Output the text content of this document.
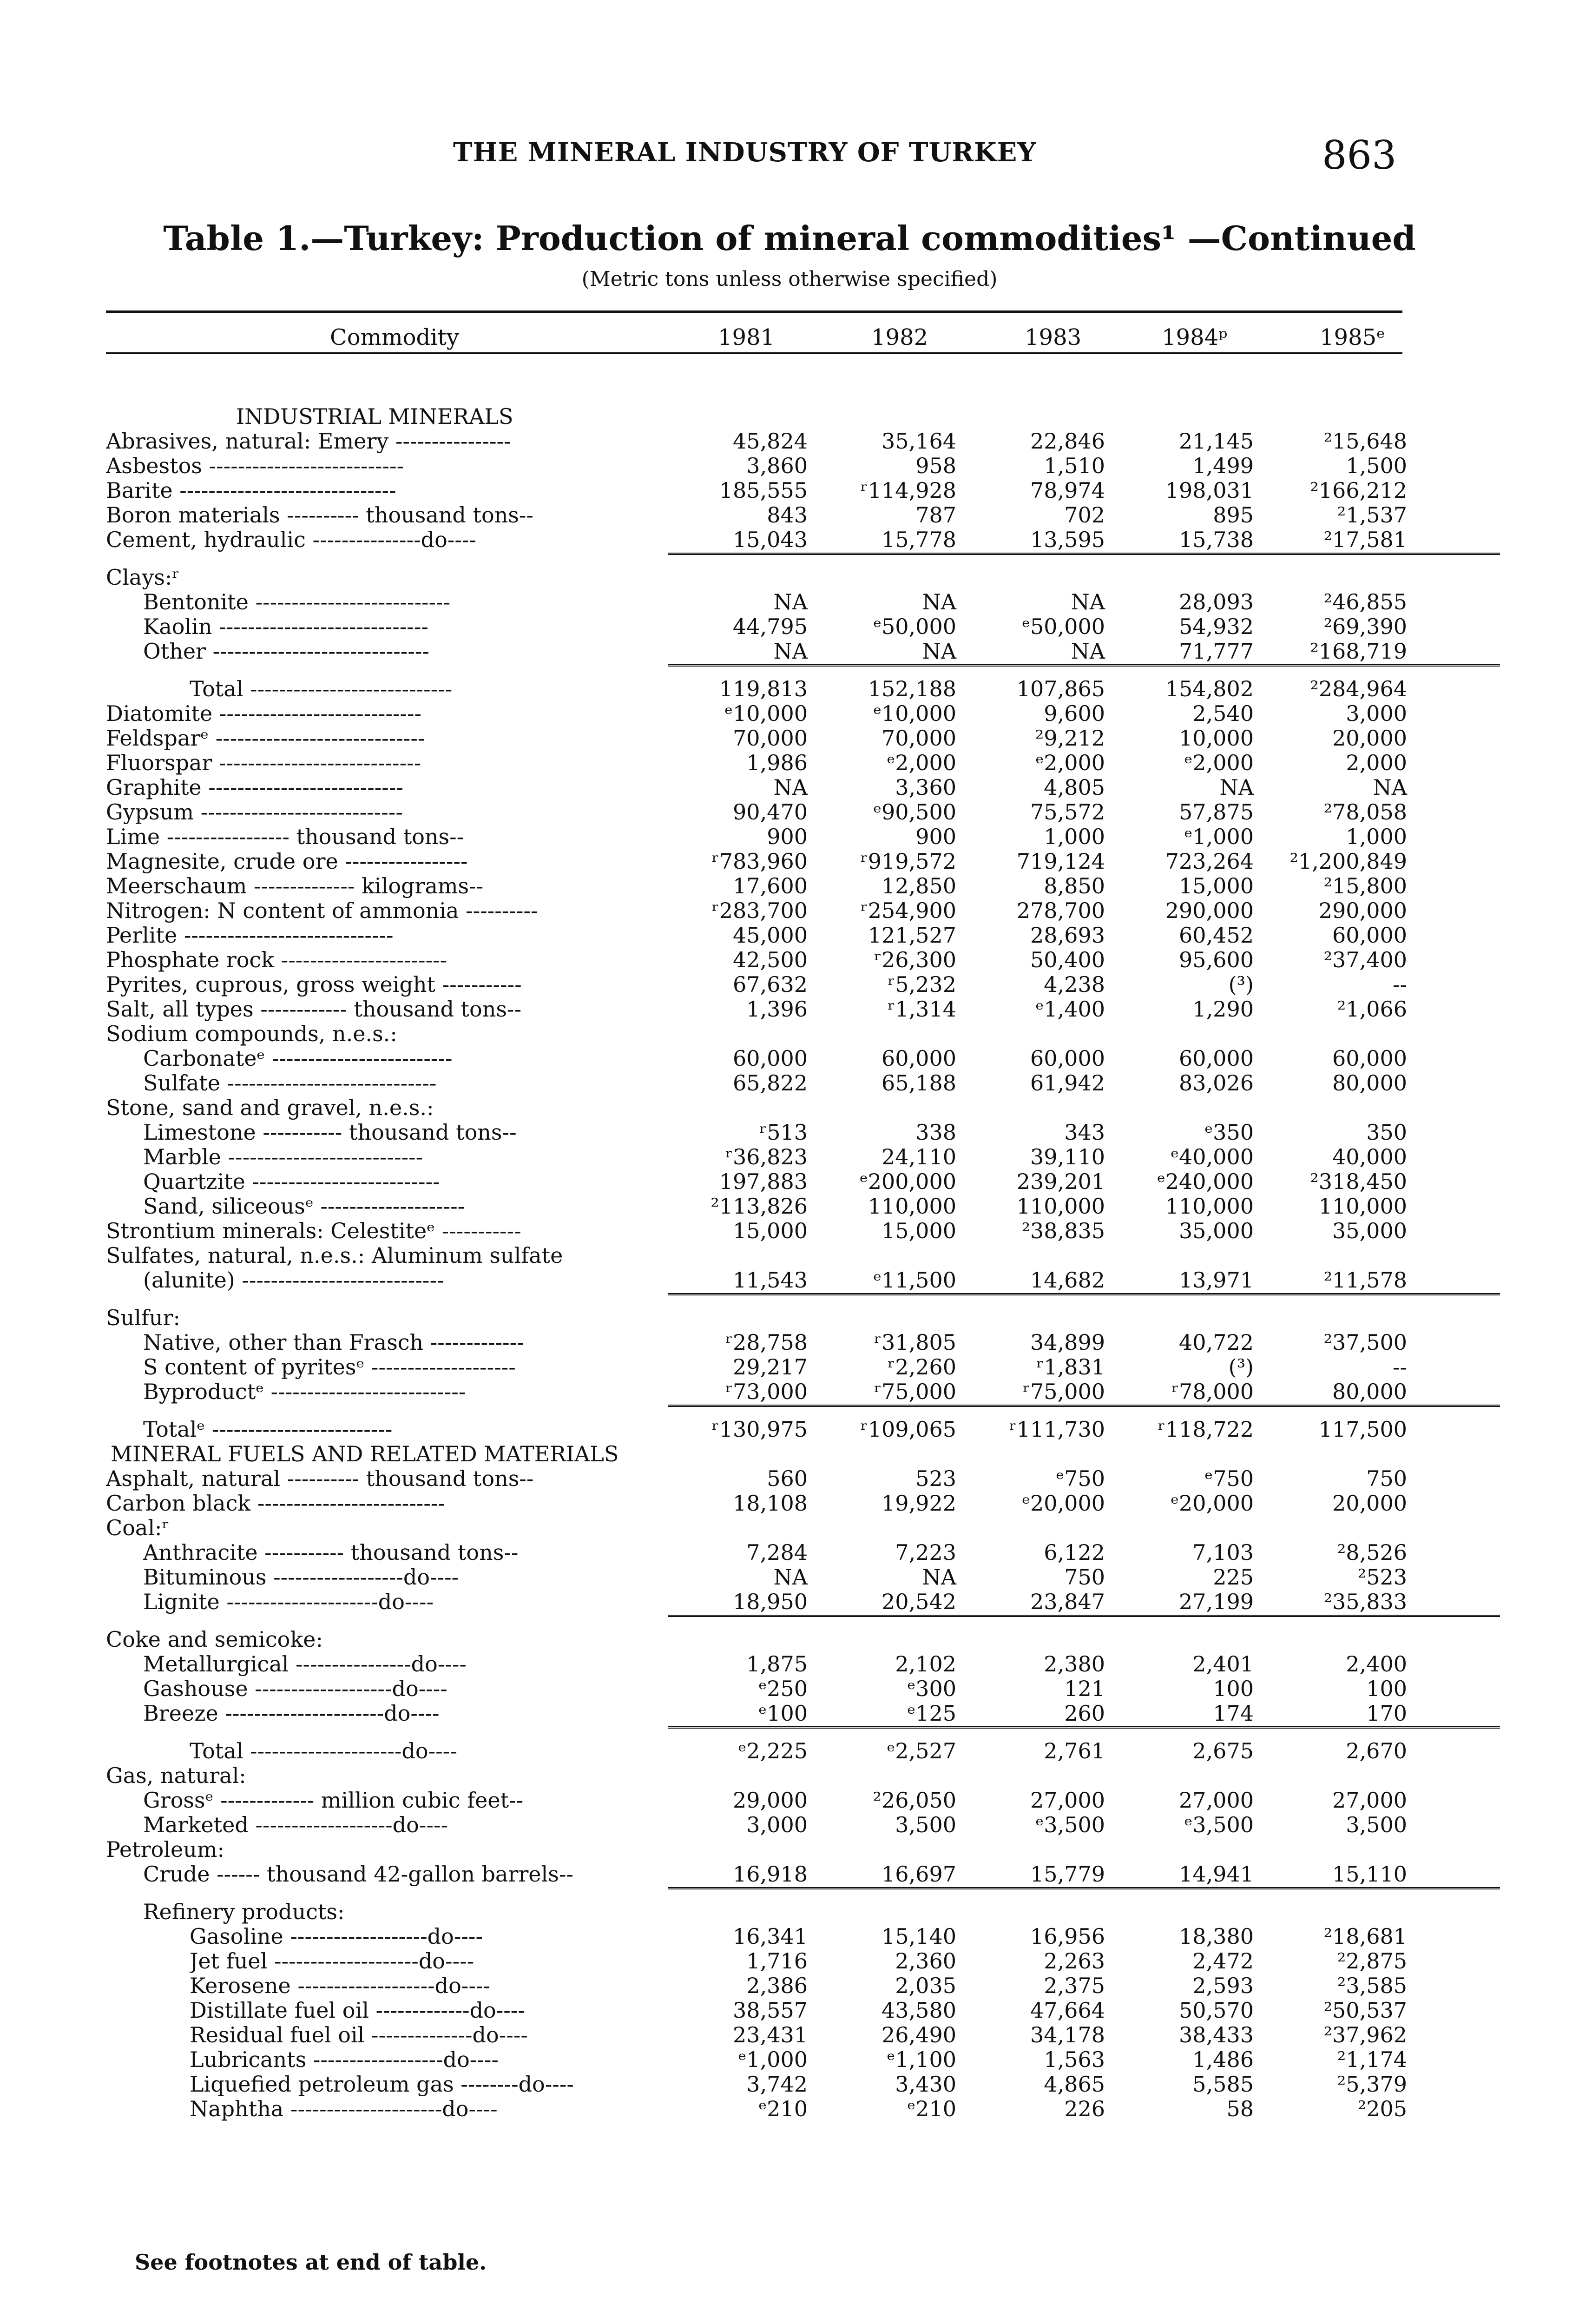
THE MINERAL INDUSTRY OF TURKEY	863
Table 1.—Turkey: Production of mineral commodities¹ —Continued
(Metric tons unless otherwise specified)
Commodity	1981	1982	1983	1984ᵖ	1985ᵉ
INDUSTRIAL MINERALS
Abrasives, natural: Emery ----------------	45,824	35,164	22,846	21,145	²15,648
Asbestos ---------------------------	3,860	958	1,510	1,499	1,500
Barite ------------------------------	185,555	ʳ114,928	78,974	198,031	²166,212
Boron materials ---------- thousand tons--	843	787	702	895	²1,537
Cement, hydraulic ---------------do----	15,043	15,778	13,595	15,738	²17,581
Clays:ʳ
Bentonite ---------------------------	NA	NA	NA	28,093	²46,855
Kaolin -----------------------------	44,795	ᵉ50,000	ᵉ50,000	54,932	²69,390
Other ------------------------------	NA	NA	NA	71,777	²168,719
Total ----------------------------	119,813	152,188	107,865	154,802	²284,964
Diatomite ----------------------------	ᵉ10,000	ᵉ10,000	9,600	2,540	3,000
Feldsparᵉ -----------------------------	70,000	70,000	²9,212	10,000	20,000
Fluorspar ----------------------------	1,986	ᵉ2,000	ᵉ2,000	ᵉ2,000	2,000
Graphite ---------------------------	NA	3,360	4,805	NA	NA
Gypsum ----------------------------	90,470	ᵉ90,500	75,572	57,875	²78,058
Lime ----------------- thousand tons--	900	900	1,000	ᵉ1,000	1,000
Magnesite, crude ore -----------------	ʳ783,960	ʳ919,572	719,124	723,264	²1,200,849
Meerschaum -------------- kilograms--	17,600	12,850	8,850	15,000	²15,800
Nitrogen: N content of ammonia ----------	ʳ283,700	ʳ254,900	278,700	290,000	290,000
Perlite -----------------------------	45,000	121,527	28,693	60,452	60,000
Phosphate rock -----------------------	42,500	ʳ26,300	50,400	95,600	²37,400
Pyrites, cuprous, gross weight -----------	67,632	ʳ5,232	4,238	(³)	--
Salt, all types ------------ thousand tons--	1,396	ʳ1,314	ᵉ1,400	1,290	²1,066
Sodium compounds, n.e.s.:
Carbonateᵉ -------------------------	60,000	60,000	60,000	60,000	60,000
Sulfate -----------------------------	65,822	65,188	61,942	83,026	80,000
Stone, sand and gravel, n.e.s.:
Limestone ----------- thousand tons--	ʳ513	338	343	ᵉ350	350
Marble ---------------------------	ʳ36,823	24,110	39,110	ᵉ40,000	40,000
Quartzite --------------------------	197,883	ᵉ200,000	239,201	ᵉ240,000	²318,450
Sand, siliceousᵉ --------------------	²113,826	110,000	110,000	110,000	110,000
Strontium minerals: Celestiteᵉ -----------	15,000	15,000	²38,835	35,000	35,000
Sulfates, natural, n.e.s.: Aluminum sulfate
(alunite) ----------------------------	11,543	ᵉ11,500	14,682	13,971	²11,578
Sulfur:
Native, other than Frasch -------------	ʳ28,758	ʳ31,805	34,899	40,722	²37,500
S content of pyritesᵉ --------------------	29,217	ʳ2,260	ʳ1,831	(³)	--
Byproductᵉ ---------------------------	ʳ73,000	ʳ75,000	ʳ75,000	ʳ78,000	80,000
Totalᵉ -------------------------	ʳ130,975	ʳ109,065	ʳ111,730	ʳ118,722	117,500
MINERAL FUELS AND RELATED MATERIALS
Asphalt, natural ---------- thousand tons--	560	523	ᵉ750	ᵉ750	750
Carbon black --------------------------	18,108	19,922	ᵉ20,000	ᵉ20,000	20,000
Coal:ʳ
Anthracite ----------- thousand tons--	7,284	7,223	6,122	7,103	²8,526
Bituminous ------------------do----	NA	NA	750	225	²523
Lignite ---------------------do----	18,950	20,542	23,847	27,199	²35,833
Coke and semicoke:
Metallurgical ----------------do----	1,875	2,102	2,380	2,401	2,400
Gashouse -------------------do----	ᵉ250	ᵉ300	121	100	100
Breeze ----------------------do----	ᵉ100	ᵉ125	260	174	170
Total ---------------------do----	ᵉ2,225	ᵉ2,527	2,761	2,675	2,670
Gas, natural:
Grossᵉ ------------- million cubic feet--	29,000	²26,050	27,000	27,000	27,000
Marketed -------------------do----	3,000	3,500	ᵉ3,500	ᵉ3,500	3,500
Petroleum:
Crude ------ thousand 42-gallon barrels--	16,918	16,697	15,779	14,941	15,110
Refinery products:
Gasoline -------------------do----	16,341	15,140	16,956	18,380	²18,681
Jet fuel --------------------do----	1,716	2,360	2,263	2,472	²2,875
Kerosene -------------------do----	2,386	2,035	2,375	2,593	²3,585
Distillate fuel oil -------------do----	38,557	43,580	47,664	50,570	²50,537
Residual fuel oil --------------do----	23,431	26,490	34,178	38,433	²37,962
Lubricants ------------------do----	ᵉ1,000	ᵉ1,100	1,563	1,486	²1,174
Liquefied petroleum gas --------do----	3,742	3,430	4,865	5,585	²5,379
Naphtha ---------------------do----	ᵉ210	ᵉ210	226	58	²205
See footnotes at end of table.
